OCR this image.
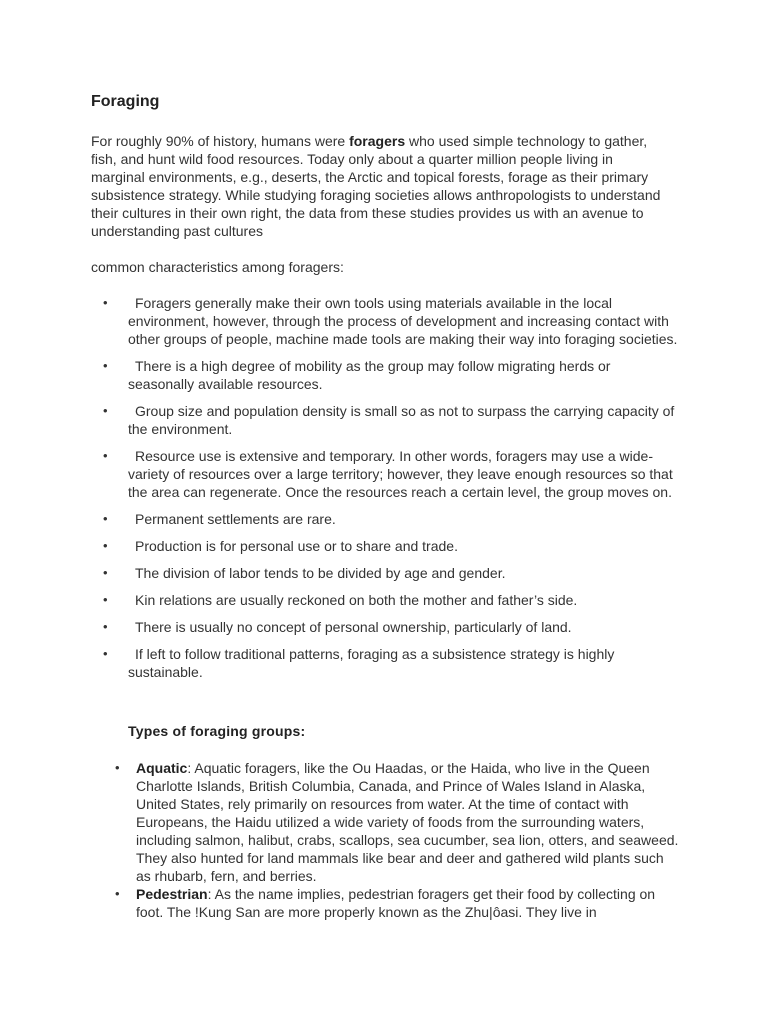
Foraging

For roughly 90% of history, humans were foragers who used simple technology to gather, fish, and hunt wild food resources. Today only about a quarter million people living in marginal environments, e.g., deserts, the Arctic and topical forests, forage as their primary subsistence strategy. While studying foraging societies allows anthropologists to understand their cultures in their own right, the data from these studies provides us with an avenue to understanding past cultures

common characteristics among foragers:

•	Foragers generally make their own tools using materials available in the local environment, however, through the process of development and increasing contact with other groups of people, machine made tools are making their way into foraging societies.
•	There is a high degree of mobility as the group may follow migrating herds or seasonally available resources.
•	Group size and population density is small so as not to surpass the carrying capacity of the environment.
•	Resource use is extensive and temporary. In other words, foragers may use a wide-variety of resources over a large territory; however, they leave enough resources so that the area can regenerate. Once the resources reach a certain level, the group moves on.
•	Permanent settlements are rare.
•	Production is for personal use or to share and trade.
•	The division of labor tends to be divided by age and gender.
•	Kin relations are usually reckoned on both the mother and father’s side.
•	There is usually no concept of personal ownership, particularly of land.
•	If left to follow traditional patterns, foraging as a subsistence strategy is highly sustainable.

Types of foraging groups:

• Aquatic: Aquatic foragers, like the Ou Haadas, or the Haida, who live in the Queen Charlotte Islands, British Columbia, Canada, and Prince of Wales Island in Alaska, United States, rely primarily on resources from water. At the time of contact with Europeans, the Haidu utilized a wide variety of foods from the surrounding waters, including salmon, halibut, crabs, scallops, sea cucumber, sea lion, otters, and seaweed. They also hunted for land mammals like bear and deer and gathered wild plants such as rhubarb, fern, and berries.
• Pedestrian: As the name implies, pedestrian foragers get their food by collecting on foot. The !Kung San are more properly known as the Zhu|ôasi. They live in
